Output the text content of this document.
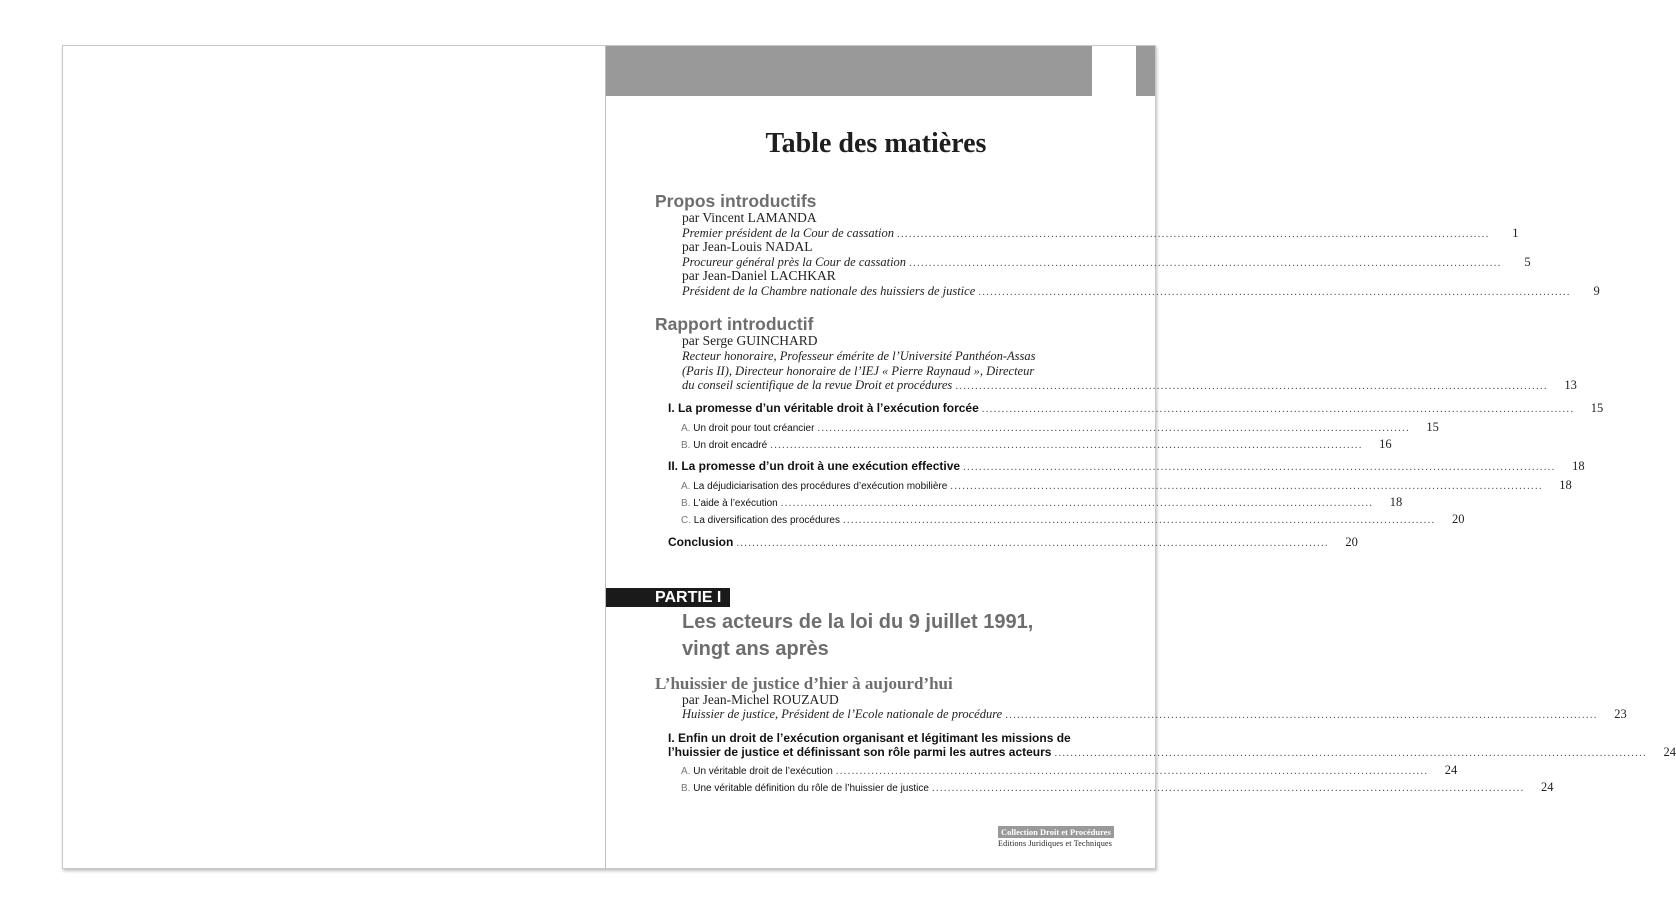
Table des matières
Propos introductifs
par Vincent LAMANDA
Premier président de la Cour de cassation ......................................................................................................................................................	1
par Jean-Louis NADAL
Procureur général près la Cour de cassation ......................................................................................................................................................	5
par Jean-Daniel LACHKAR
Président de la Chambre nationale des huissiers de justice ......................................................................................................................................................	9
Rapport introductif
par Serge GUINCHARD
Recteur honoraire, Professeur émérite de l’Université Panthéon-Assas
(Paris II), Directeur honoraire de l’IEJ « Pierre Raynaud », Directeur
du conseil scientifique de la revue Droit et procédures ......................................................................................................................................................	13
I. La promesse d’un véritable droit à l’exécution forcée ......................................................................................................................................................	15
A. Un droit pour tout créancier ......................................................................................................................................................	15
B. Un droit encadré ......................................................................................................................................................	16
II. La promesse d’un droit à une exécution effective ......................................................................................................................................................	18
A. La déjudiciarisation des procédures d’exécution mobilière ......................................................................................................................................................	18
B. L’aide à l’exécution ......................................................................................................................................................	18
C. La diversification des procédures ......................................................................................................................................................	20
Conclusion ......................................................................................................................................................	20
PARTIE I
Les acteurs de la loi du 9 juillet 1991,
vingt ans après
L’huissier de justice d’hier à aujourd’hui
par Jean-Michel ROUZAUD
Huissier de justice, Président de l’Ecole nationale de procédure ......................................................................................................................................................	23
I. Enfin un droit de l’exécution organisant et légitimant les missions de
l’huissier de justice et définissant son rôle parmi les autres acteurs ......................................................................................................................................................	24
A. Un véritable droit de l’exécution ......................................................................................................................................................	24
B. Une véritable définition du rôle de l’huissier de justice ......................................................................................................................................................	24
Collection Droit et Procédures
Editions Juridiques et Techniques
